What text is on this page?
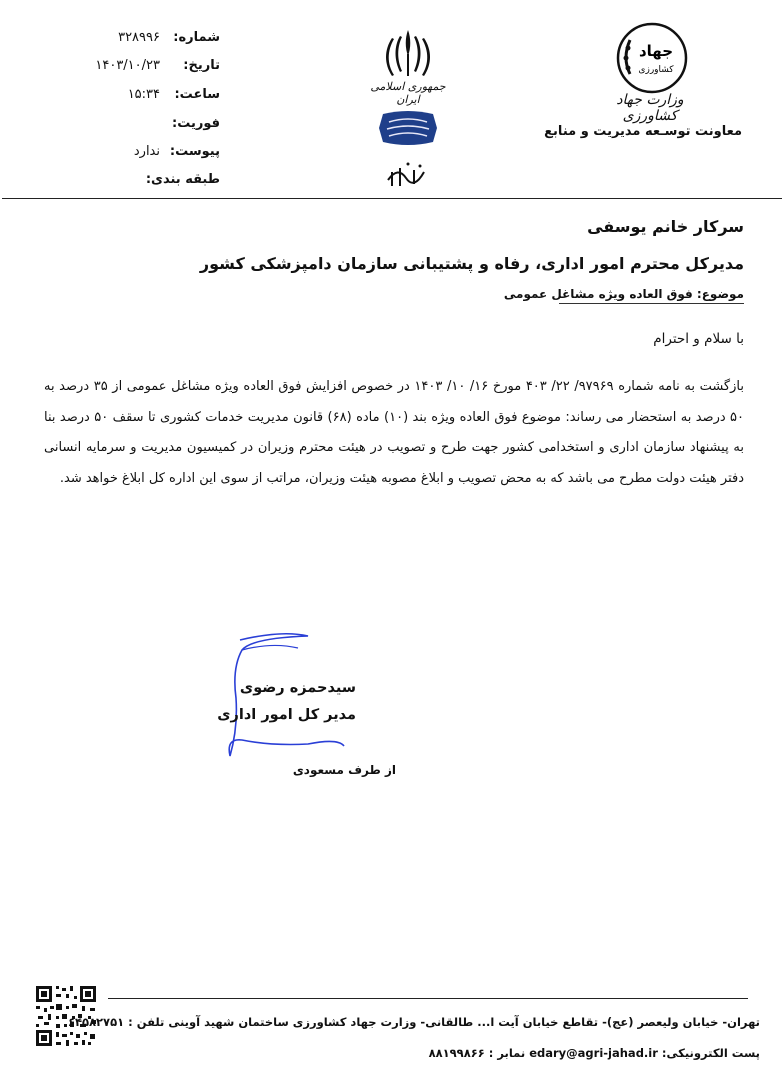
شماره:
۳۲۸۹۹۶
تاریخ:
۱۴۰۳/۱۰/۲۳
ساعت:
۱۵:۳۴
فوریت:
پیوست:
ندارد
طبقه بندی:
جمهوری اسلامی ایران
جهاد
کشاورزی
وزارت جهاد کشاورزی
معاونت توسـعه مدیریت و منابع
سرکار خانم یوسفی
مدیرکل محترم امور اداری، رفاه و پشتیبانی سازمان دامپزشکی کشور
موضوع: فوق العاده ویژه مشاغل عمومی
با سلام و احترام
بازگشت به نامه شماره ۹۷۹۶۹/ ۲۲/ ۴۰۳ مورخ ۱۶/ ۱۰/ ۱۴۰۳ در خصوص افزایش فوق العاده ویژه مشاغل عمومی از ۳۵ درصد به ۵۰ درصد به استحضار می رساند: موضوع فوق العاده ویژه بند (۱۰) ماده (۶۸) قانون مدیریت خدمات کشوری تا سقف ۵۰ درصد بنا به پیشنهاد سازمان اداری و استخدامی کشور جهت طرح و تصویب در هیئت محترم وزیران در کمیسیون مدیریت و سرمایه انسانی دفتر هیئت دولت مطرح می باشد که به محض تصویب و ابلاغ مصوبه هیئت وزیران، مراتب از سوی این اداره کل ابلاغ خواهد شد.
سیدحمزه رضوی
مدیر کل امور اداری
از طرف مسعودی
تهران- خیابان ولیعصر (عج)- تقاطع خیابان آیت ا... طالقانی- وزارت جهاد کشاورزی ساختمان شهید آوینی تلفن : ۶۴۵۸۲۷۵۱
پست الکترونیکی: edary@agri-jahad.ir نمابر : ۸۸۱۹۹۸۶۶
